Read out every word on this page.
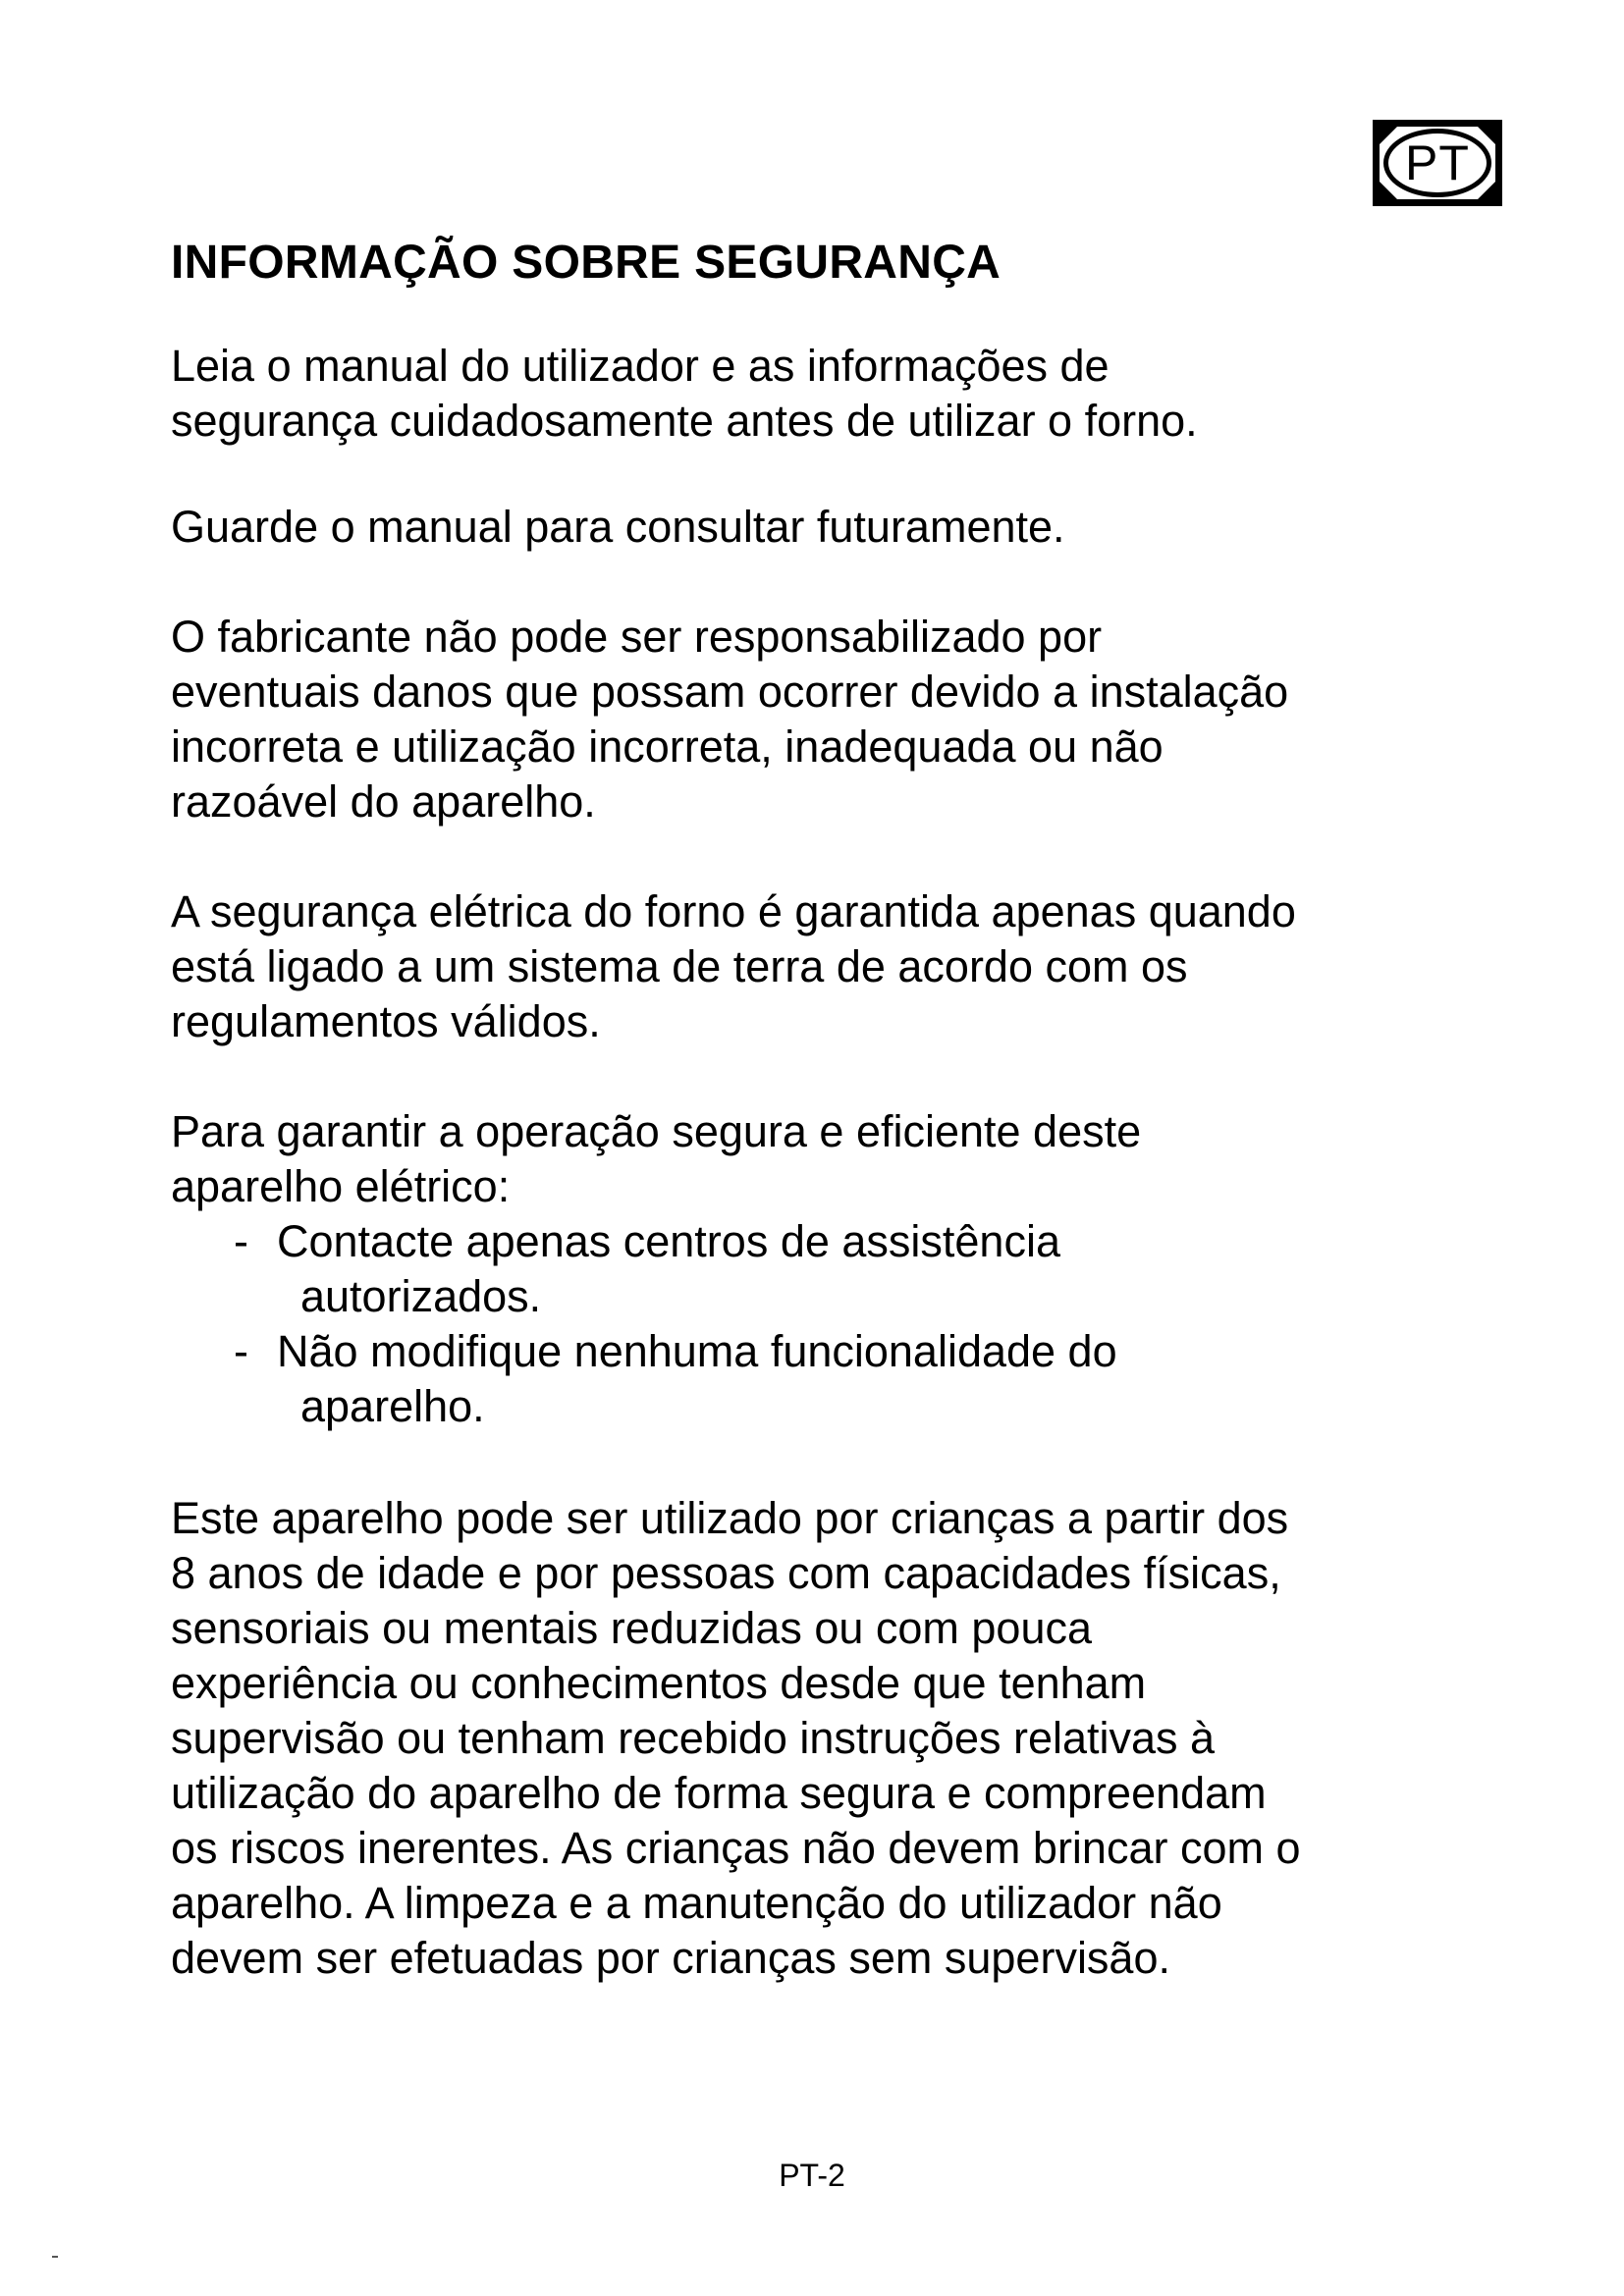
PT
INFORMAÇÃO SOBRE SEGURANÇA

Leia o manual do utilizador e as informações de
segurança cuidadosamente antes de utilizar o forno.

Guarde o manual para consultar futuramente.

O fabricante não pode ser responsabilizado por
eventuais danos que possam ocorrer devido a instalação
incorreta e utilização incorreta, inadequada ou não
razoável do aparelho.

A segurança elétrica do forno é garantida apenas quando
está ligado a um sistema de terra de acordo com os
regulamentos válidos.

Para garantir a operação segura e eficiente deste
aparelho elétrico:

- Contacte apenas centros de assistência
autorizados.
- Não modifique nenhuma funcionalidade do
aparelho.

Este aparelho pode ser utilizado por crianças a partir dos
8 anos de idade e por pessoas com capacidades físicas,
sensoriais ou mentais reduzidas ou com pouca
experiência ou conhecimentos desde que tenham
supervisão ou tenham recebido instruções relativas à
utilização do aparelho de forma segura e compreendam
os riscos inerentes. As crianças não devem brincar com o
aparelho. A limpeza e a manutenção do utilizador não
devem ser efetuadas por crianças sem supervisão.

PT-2
